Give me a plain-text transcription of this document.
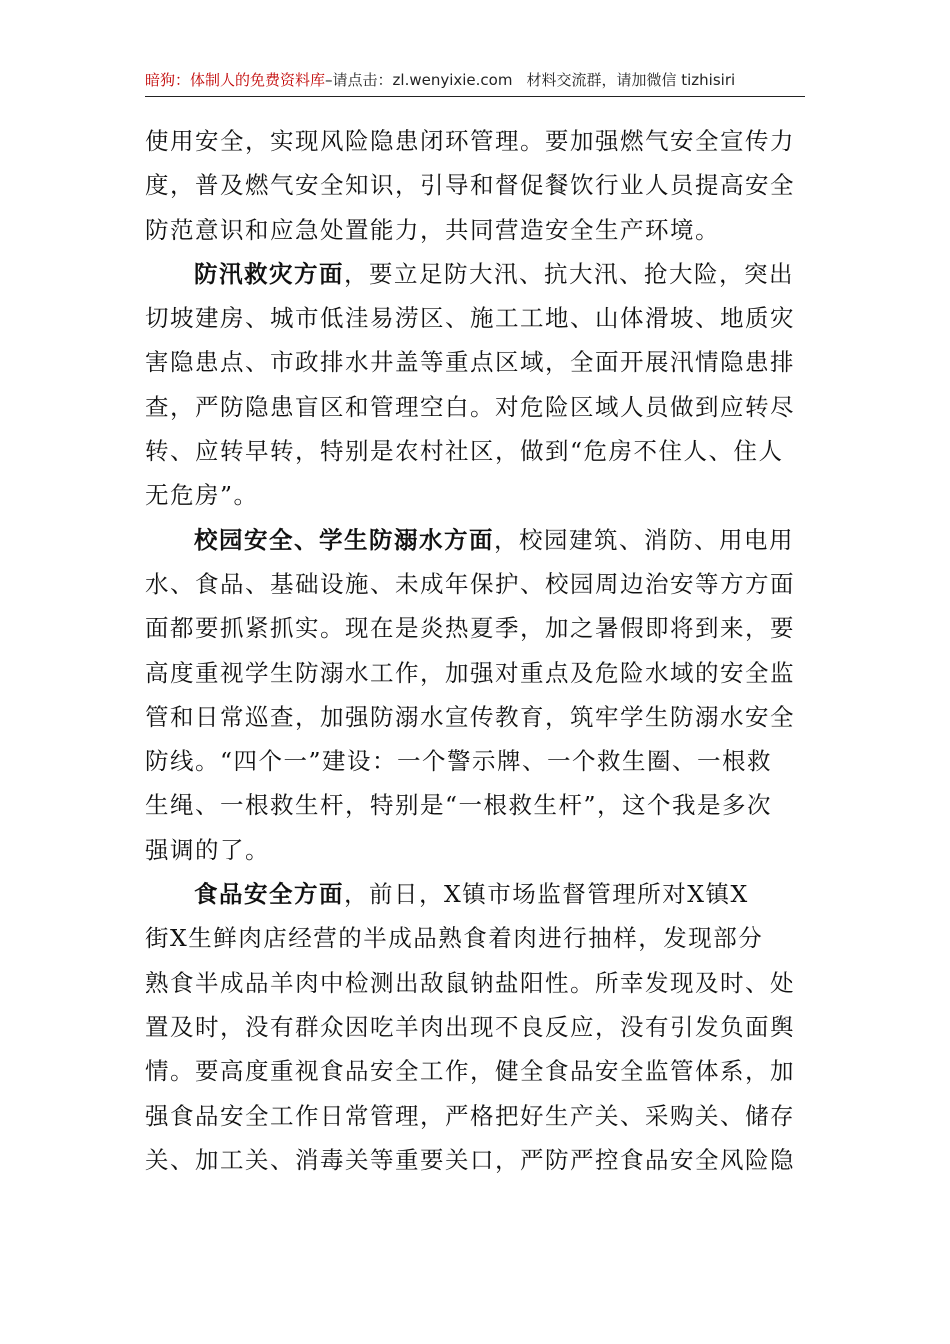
暗狗：体制人的免费资料库–请点击：zl.wenyixie.com 材料交流群，请加微信 tizhisiri
使用安全，实现风险隐患闭环管理。要加强燃气安全宣传力
度，普及燃气安全知识，引导和督促餐饮行业人员提高安全
防范意识和应急处置能力，共同营造安全生产环境。
防汛救灾方面，要立足防大汛、抗大汛、抢大险，突出
切坡建房、城市低洼易涝区、施工工地、山体滑坡、地质灾
害隐患点、市政排水井盖等重点区域，全面开展汛情隐患排
查，严防隐患盲区和管理空白。对危险区域人员做到应转尽
转、应转早转，特别是农村社区，做到“危房不住人、住人
无危房”。
校园安全、学生防溺水方面，校园建筑、消防、用电用
水、食品、基础设施、未成年保护、校园周边治安等方方面
面都要抓紧抓实。现在是炎热夏季，加之暑假即将到来，要
高度重视学生防溺水工作，加强对重点及危险水域的安全监
管和日常巡查，加强防溺水宣传教育，筑牢学生防溺水安全
防线。“四个一”建设：一个警示牌、一个救生圈、一根救
生绳、一根救生杆，特别是“一根救生杆”，这个我是多次
强调的了。
食品安全方面，前日，X镇市场监督管理所对X镇X
街X生鲜肉店经营的半成品熟食着肉进行抽样，发现部分
熟食半成品羊肉中检测出敌鼠钠盐阳性。所幸发现及时、处
置及时，没有群众因吃羊肉出现不良反应，没有引发负面舆
情。要高度重视食品安全工作，健全食品安全监管体系，加
强食品安全工作日常管理，严格把好生产关、采购关、储存
关、加工关、消毒关等重要关口，严防严控食品安全风险隐
